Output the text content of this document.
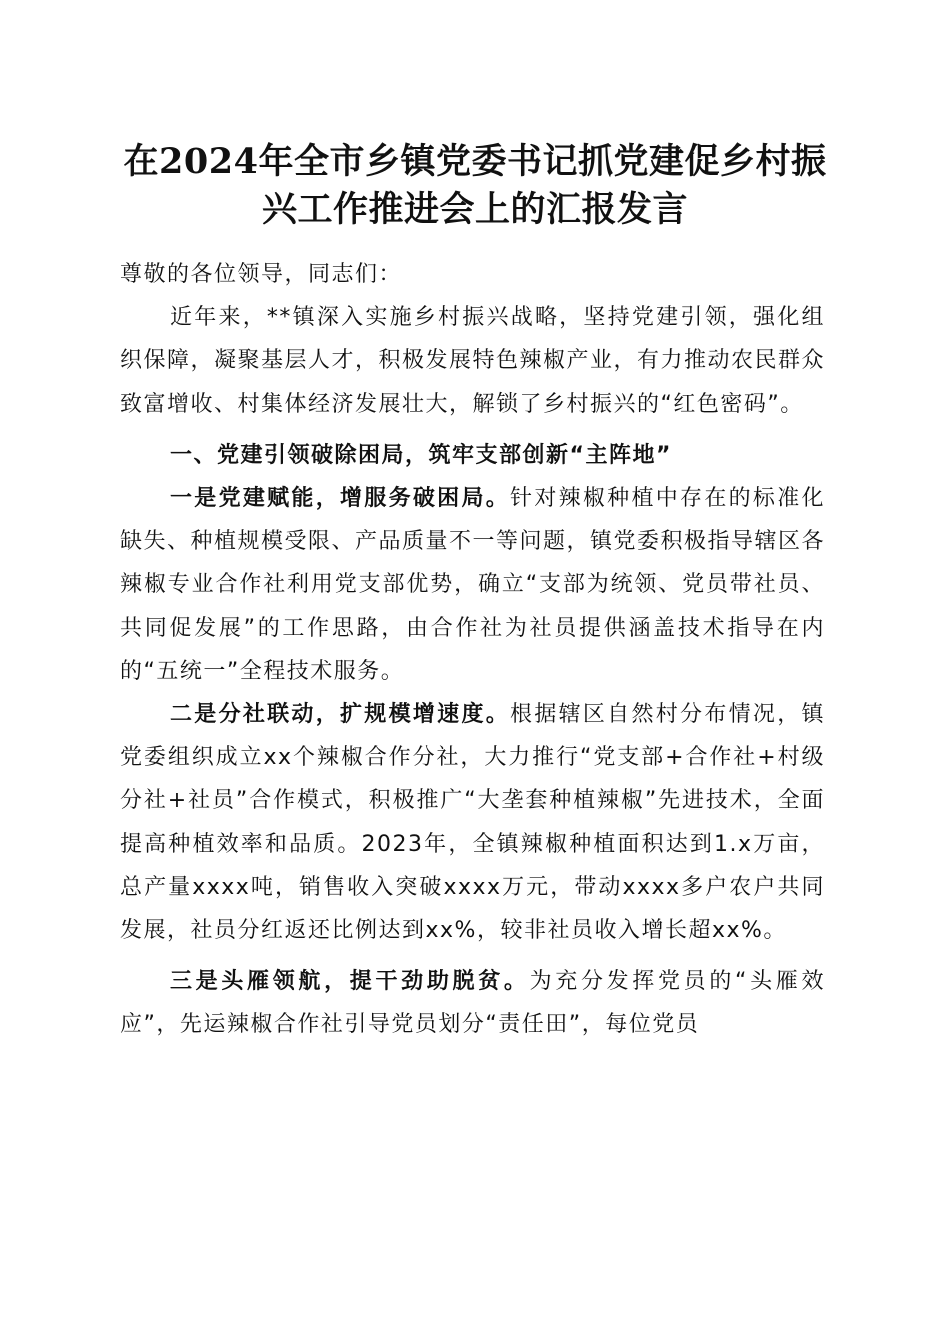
在2024年全市乡镇党委书记抓党建促乡村振
兴工作推进会上的汇报发言

尊敬的各位领导，同志们：

近年来，**镇深入实施乡村振兴战略，坚持党建引领，强化组织保障，凝聚基层人才，积极发展特色辣椒产业，有力推动农民群众致富增收、村集体经济发展壮大，解锁了乡村振兴的“红色密码”。

一、党建引领破除困局，筑牢支部创新“主阵地”

一是党建赋能，增服务破困局。针对辣椒种植中存在的标准化缺失、种植规模受限、产品质量不一等问题，镇党委积极指导辖区各辣椒专业合作社利用党支部优势，确立“支部为统领、党员带社员、共同促发展”的工作思路，由合作社为社员提供涵盖技术指导在内的“五统一”全程技术服务。

二是分社联动，扩规模增速度。根据辖区自然村分布情况，镇党委组织成立xx个辣椒合作分社，大力推行“党支部+合作社+村级分社+社员”合作模式，积极推广“大垄套种植辣椒”先进技术，全面提高种植效率和品质。2023年，全镇辣椒种植面积达到1.x万亩，总产量xxxx吨，销售收入突破xxxx万元，带动xxxx多户农户共同发展，社员分红返还比例达到xx%，较非社员收入增长超xx%。

三是头雁领航，提干劲助脱贫。为充分发挥党员的“头雁效应”，先运辣椒合作社引导党员划分“责任田”，每位党员
